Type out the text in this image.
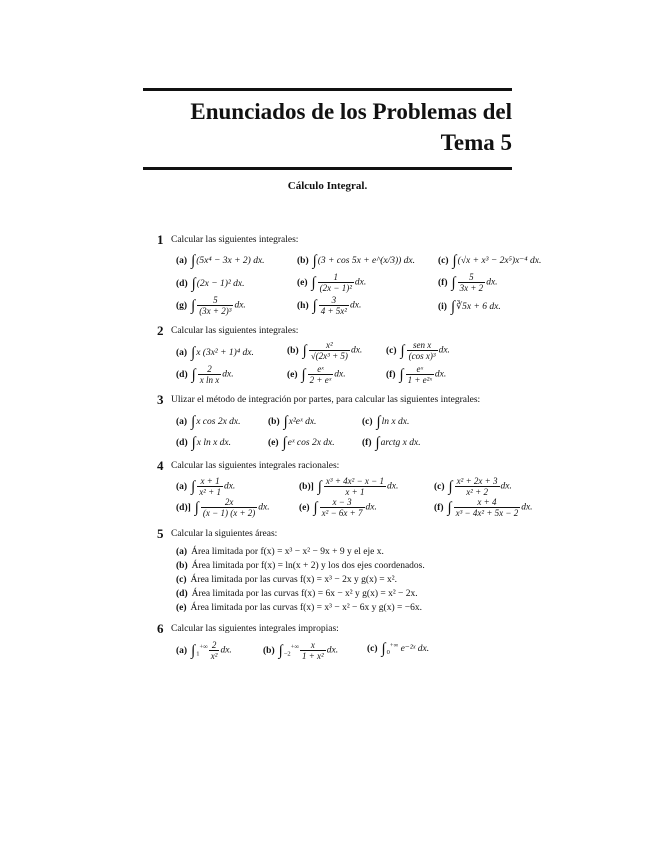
Enunciados de los Problemas del
Tema 5
Cálculo Integral.
1 Calcular las siguientes integrales:
(a) ∫(5x⁴ − 3x + 2) dx.	(b) ∫(3 + cos 5x + e^(x/3)) dx. (c) ∫(√x + x³ − 2x⁵)x⁻⁴ dx.
(d) ∫(2x − 1)² dx.	(e) ∫ $\frac{1}{\text{(2x − 1)²}}$ dx.	(f) ∫ $\frac{5}{3x + 2}$ dx.
(g) ∫ $\frac{5}{\text{(3x + 2)³}}$ dx.	(h) ∫ $\frac{3}{\text{4 + 5x²}}$ dx.	(i) ∫∛5x + 6 dx.
2 Calcular las siguientes integrales:
(a) ∫x (3x² + 1)⁴ dx.	(b) ∫ $\frac{\text{x²}}{\text{√(2x³ + 5)}}$ dx. (c) ∫ $\frac{\text{sen x}}{\text{(cos x)³}}$ dx.
(d) ∫ $\frac{2}{\text{x ln x}}$ dx.	(e) ∫ $\frac{\text{eˣ}}{\text{2 + eˣ}}$ dx.	(f) ∫ $\frac{\text{eˣ}}{\text{1 + e²ˣ}}$ dx.
3 Ulizar el método de integración por partes, para calcular las siguientes integrales:
(a) ∫x cos 2x dx.	(b) ∫x²eˣ dx.	(c) ∫ln x dx.
(d) ∫x ln x dx.	(e) ∫eˣ cos 2x dx.	(f) ∫arctg x dx.
4 Calcular las siguientes integrales racionales:
(a) ∫ $\frac{x + 1}{\text{x² + 1}}$ dx.	(b)] ∫ $\frac{\text{x³ + 4x² − x − 1}}{x + 1}$ dx.	(c) ∫ $\frac{\text{x² + 2x + 3}}{\text{x² + 2}}$ dx.
(d)] ∫ $\frac{2x}{(x - 1) (x + 2)}$ dx.	(e) ∫ $\frac{x - 3}{\text{x² − 6x + 7}}$ dx.	(f) ∫ $\frac{x + 4}{\text{x³ − 4x² + 5x − 2}}$ dx.
5 Calcular la siguientes áreas:
(a) Área limitada por f(x) = x³ − x² − 9x + 9 y el eje x.
(b) Área limitada por f(x) = ln(x + 2) y los dos ejes coordenados.
(c) Área limitada por las curvas f(x) = x³ − 2x y g(x) = x².
(d) Área limitada por las curvas f(x) = 6x − x² y g(x) = x² − 2x.
(e) Área limitada por las curvas f(x) = x³ − x² − 6x y g(x) = −6x.
6 Calcular las siguientes integrales impropias:
(a) $\int_1^{+\infty} \frac{2}{\text{x²}}$ dx.	(b) $\int_{-2}^{+\infty} \frac{x}{\text{1 + x²}}$ dx.	(c) $\int_0^{+\infty}$ e⁻²ˣ dx.
